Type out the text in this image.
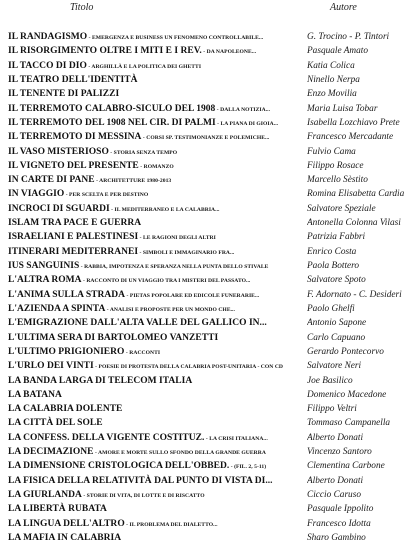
Titolo	Autore
IL RANDAGISMO - EMERGENZA E BUSINESS UN FENOMENO CONTROLLABILE...	G. Trocino - P. Tintori
IL RISORGIMENTO OLTRE I MITI E I REV. - DA NAPOLEONE...	Pasquale Amato
IL TACCO DI DIO - ARGHILLÀ E LA POLITICA DEI GHETTI	Katia Colica
IL TEATRO DELL'IDENTITÀ	Ninello Nerpa
IL TENENTE DI PALIZZI	Enzo Movilia
IL TERREMOTO CALABRO-SICULO DEL 1908 - DALLA NOTIZIA...	Maria Luisa Tobar
IL TERREMOTO DEL 1908 NEL CIR. DI PALMI - LA PIANA DI GIOIA...	Isabella Lozchiavo Prete
IL TERREMOTO DI MESSINA - CORSI SP. TESTIMONIANZE E POLEMICHE...	Francesco Mercadante
IL VASO MISTERIOSO - STORIA SENZA TEMPO	Fulvio Cama
IL VIGNETO DEL PRESENTE - ROMANZO	Filippo Rosace
IN CARTE DI PANE - ARCHITETTURE 1980-2013	Marcello Sèstito
IN VIAGGIO - PER SCELTA E PER DESTINO	Romina Elisabetta Cardia
INCROCI DI SGUARDI - IL MEDITERRANEO E LA CALABRIA...	Salvatore Speziale
ISLAM TRA PACE E GUERRA	Antonella Colonna Vilasi
ISRAELIANI E PALESTINESI - LE RAGIONI DEGLI ALTRI	Patrizia Fabbri
ITINERARI MEDITERRANEI - SIMBOLI E IMMAGINARIO FRA...	Enrico Costa
IUS SANGUINIS - RABBIA, IMPOTENZA E SPERANZA NELLA PUNTA DELLO STIVALE	Paola Bottero
L'ALTRA ROMA - RACCONTO DI UN VIAGGIO TRA I MISTERI DEL PASSATO...	Salvatore Spoto
L'ANIMA SULLA STRADA - PIETAS POPOLARE ED EDICOLE FUNERARIE...	F. Adornato - C. Desideri
L'AZIENDA A SPINTA - ANALISI E PROPOSTE PER UN MONDO CHE...	Paolo Ghelfi
L'EMIGRAZIONE DALL'ALTA VALLE DEL GALLICO IN...	Antonio Sapone
L'ULTIMA SERA DI BARTOLOMEO VANZETTI	Carlo Capuano
L'ULTIMO PRIGIONIERO - RACCONTI	Gerardo Pontecorvo
L'URLO DEI VINTI - POESIE DI PROTESTA DELLA CALABRIA POST-UNITARIA - CON CD	Salvatore Neri
LA BANDA LARGA DI TELECOM ITALIA	Joe Basilico
LA BATANA	Domenico Macedone
LA CALABRIA DOLENTE	Filippo Veltri
LA CITTÀ DEL SOLE	Tommaso Campanella
LA CONFESS. DELLA VIGENTE COSTITUZ. - LA CRISI ITALIANA...	Alberto Donati
LA DECIMAZIONE - AMORE E MORTE SULLO SFONDO DELLA GRANDE GUERRA	Vincenzo Santoro
LA DIMENSIONE CRISTOLOGICA DELL'OBBED. - (FIL. 2, 5-11)	Clementina Carbone
LA FISICA DELLA RELATIVITÀ DAL PUNTO DI VISTA DI...	Alberto Donati
LA GIURLANDA - STORIE DI VITA, DI LOTTE E DI RISCATTO	Ciccio Caruso
LA LIBERTÀ RUBATA	Pasquale Ippolito
LA LINGUA DELL'ALTRO - IL PROBLEMA DEL DIALETTO...	Francesco Idotta
LA MAFIA IN CALABRIA	Sharo Gambino
